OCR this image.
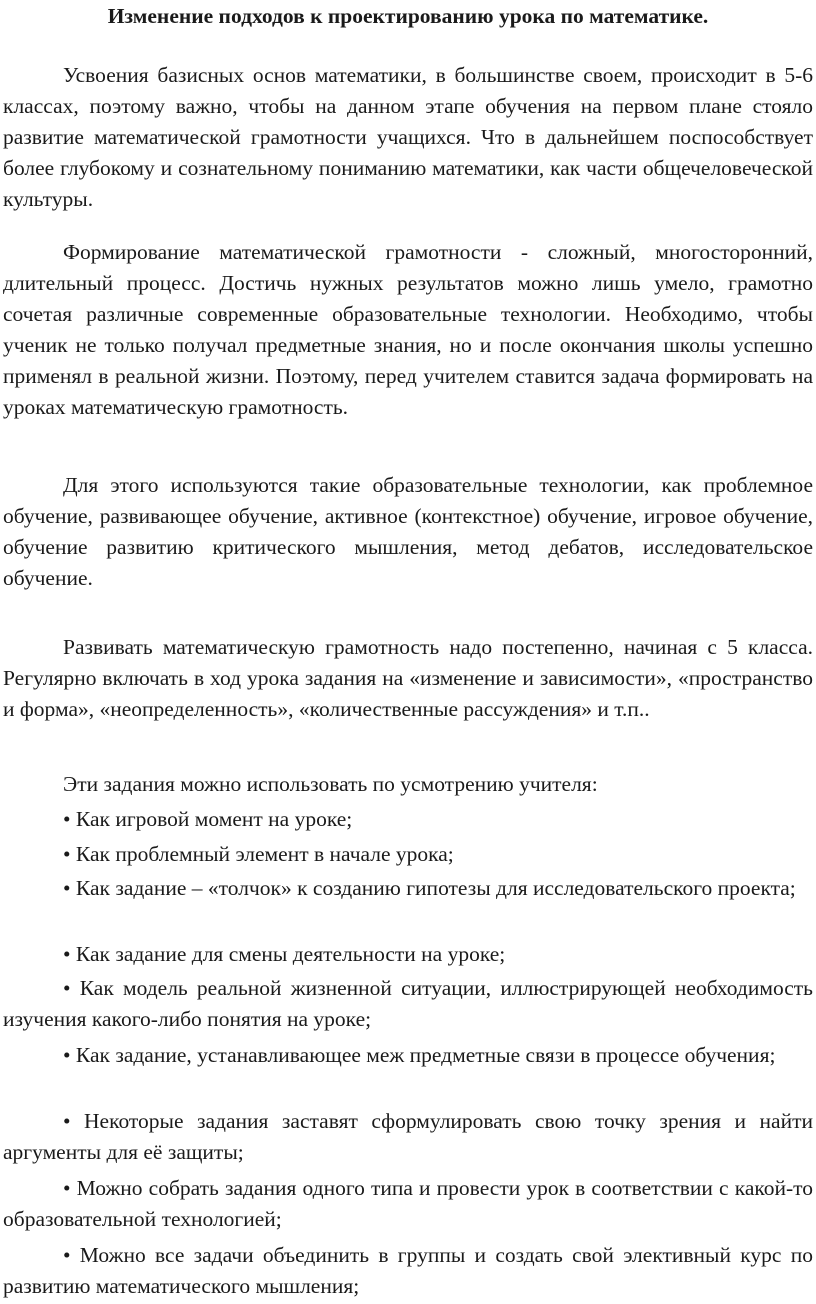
Изменение подходов к проектированию урока по математике.

Усвоения базисных основ математики, в большинстве своем, происходит в 5-6 классах, поэтому важно, чтобы на данном этапе обучения на первом плане стояло развитие математической грамотности учащихся. Что в дальнейшем поспособствует более глубокому и сознательному пониманию математики, как части общечеловеческой культуры.

Формирование математической грамотности - сложный, многосторонний, длительный процесс. Достичь нужных результатов можно лишь умело, грамотно сочетая различные современные образовательные технологии. Необходимо, чтобы ученик не только получал предметные знания, но и после окончания школы успешно применял в реальной жизни. Поэтому, перед учителем ставится задача формировать на уроках математическую грамотность.

Для этого используются такие образовательные технологии, как проблемное обучение, развивающее обучение, активное (контекстное) обучение, игровое обучение, обучение развитию критического мышления, метод дебатов, исследовательское обучение.

Развивать математическую грамотность надо постепенно, начиная с 5 класса. Регулярно включать в ход урока задания на «изменение и зависимости», «пространство и форма», «неопределенность», «количественные рассуждения» и т.п..

Эти задания можно использовать по усмотрению учителя:

• Как игровой момент на уроке;

• Как проблемный элемент в начале урока;

• Как задание – «толчок» к созданию гипотезы для исследовательского проекта;

• Как задание для смены деятельности на уроке;

• Как модель реальной жизненной ситуации, иллюстрирующей необходимость изучения какого-либо понятия на уроке;

• Как задание, устанавливающее меж предметные связи в процессе обучения;

• Некоторые задания заставят сформулировать свою точку зрения и найти аргументы для её защиты;

• Можно собрать задания одного типа и провести урок в соответствии с какой-то образовательной технологией;

• Можно все задачи объединить в группы и создать свой элективный курс по развитию математического мышления;
